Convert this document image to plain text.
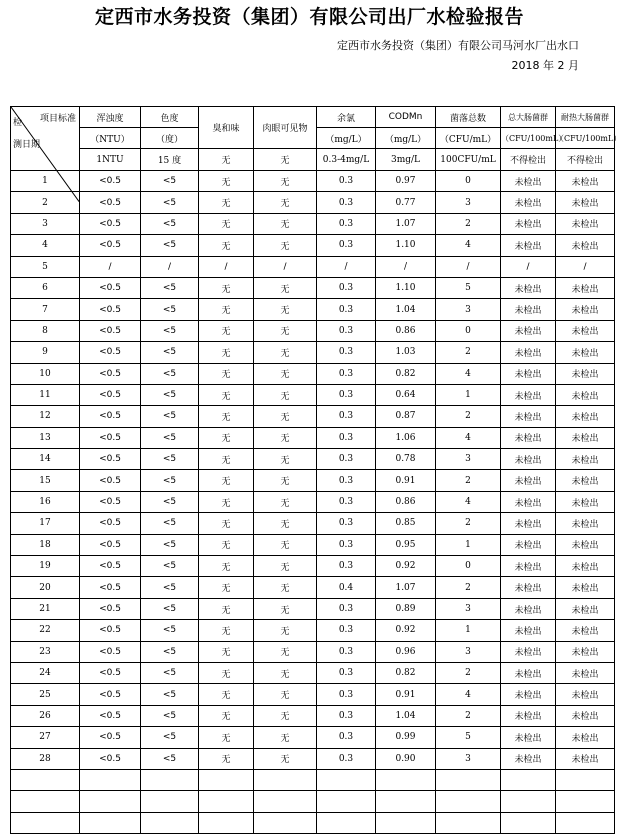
定西市水务投资（集团）有限公司出厂水检验报告
定西市水务投资（集团）有限公司马河水厂出水口
2018 年 2 月
项目标准
检
测日期	浑浊度	色度	臭和味	肉眼可见物	余氯	CODMn	菌落总数	总大肠菌群	耐热大肠菌群
	（NTU）	（度）			（mg/L）	（mg/L）	（CFU/mL）	（CFU/100mL）	（CFU/100mL）
	1NTU	15 度	无	无	0.3-4mg/L	3mg/L	100CFU/mL	不得检出	不得检出
1	<0.5	<5	无	无	0.3	0.97	0	未检出	未检出
2	<0.5	<5	无	无	0.3	0.77	3	未检出	未检出
3	<0.5	<5	无	无	0.3	1.07	2	未检出	未检出
4	<0.5	<5	无	无	0.3	1.10	4	未检出	未检出
5	/	/	/	/	/	/	/	/	/
6	<0.5	<5	无	无	0.3	1.10	5	未检出	未检出
7	<0.5	<5	无	无	0.3	1.04	3	未检出	未检出
8	<0.5	<5	无	无	0.3	0.86	0	未检出	未检出
9	<0.5	<5	无	无	0.3	1.03	2	未检出	未检出
10	<0.5	<5	无	无	0.3	0.82	4	未检出	未检出
11	<0.5	<5	无	无	0.3	0.64	1	未检出	未检出
12	<0.5	<5	无	无	0.3	0.87	2	未检出	未检出
13	<0.5	<5	无	无	0.3	1.06	4	未检出	未检出
14	<0.5	<5	无	无	0.3	0.78	3	未检出	未检出
15	<0.5	<5	无	无	0.3	0.91	2	未检出	未检出
16	<0.5	<5	无	无	0.3	0.86	4	未检出	未检出
17	<0.5	<5	无	无	0.3	0.85	2	未检出	未检出
18	<0.5	<5	无	无	0.3	0.95	1	未检出	未检出
19	<0.5	<5	无	无	0.3	0.92	0	未检出	未检出
20	<0.5	<5	无	无	0.4	1.07	2	未检出	未检出
21	<0.5	<5	无	无	0.3	0.89	3	未检出	未检出
22	<0.5	<5	无	无	0.3	0.92	1	未检出	未检出
23	<0.5	<5	无	无	0.3	0.96	3	未检出	未检出
24	<0.5	<5	无	无	0.3	0.82	2	未检出	未检出
25	<0.5	<5	无	无	0.3	0.91	4	未检出	未检出
26	<0.5	<5	无	无	0.3	1.04	2	未检出	未检出
27	<0.5	<5	无	无	0.3	0.99	5	未检出	未检出
28	<0.5	<5	无	无	0.3	0.90	3	未检出	未检出
